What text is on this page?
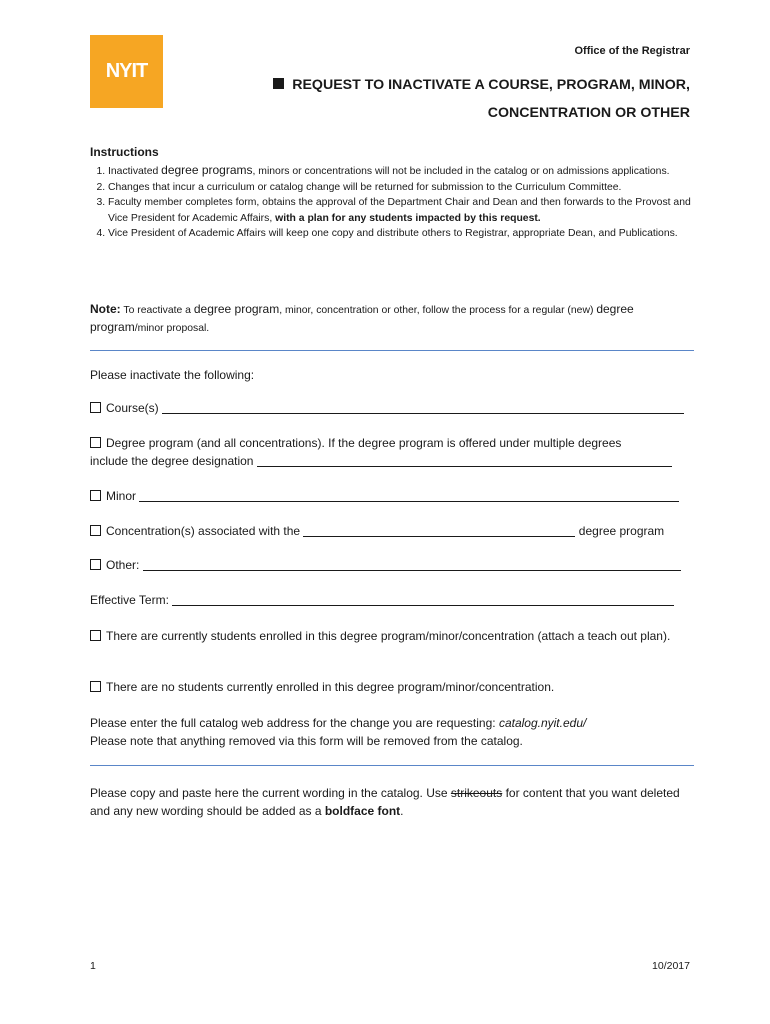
NYIT
Office of the Registrar
REQUEST TO INACTIVATE A COURSE, PROGRAM, MINOR,
CONCENTRATION OR OTHER
Instructions
1. Inactivated degree programs, minors or concentrations will not be included in the catalog or on admissions applications.
2. Changes that incur a curriculum or catalog change will be returned for submission to the Curriculum Committee.
3. Faculty member completes form, obtains the approval of the Department Chair and Dean and then forwards to the Provost and Vice President for Academic Affairs, with a plan for any students impacted by this request.
4. Vice President of Academic Affairs will keep one copy and distribute others to Registrar, appropriate Dean, and Publications.
Note: To reactivate a degree program, minor, concentration or other, follow the process for a regular (new) degree program/minor proposal.
Please inactivate the following:
Course(s)
Degree program (and all concentrations). If the degree program is offered under multiple degrees
include the degree designation
Minor
Concentration(s) associated with the	degree program
Other:
Effective Term:
There are currently students enrolled in this degree program/minor/concentration (attach a teach out plan).
There are no students currently enrolled in this degree program/minor/concentration.
Please enter the full catalog web address for the change you are requesting: catalog.nyit.edu/
Please note that anything removed via this form will be removed from the catalog.
Please copy and paste here the current wording in the catalog. Use strikeouts for content that you want deleted and any new wording should be added as a boldface font.
1	10/2017
